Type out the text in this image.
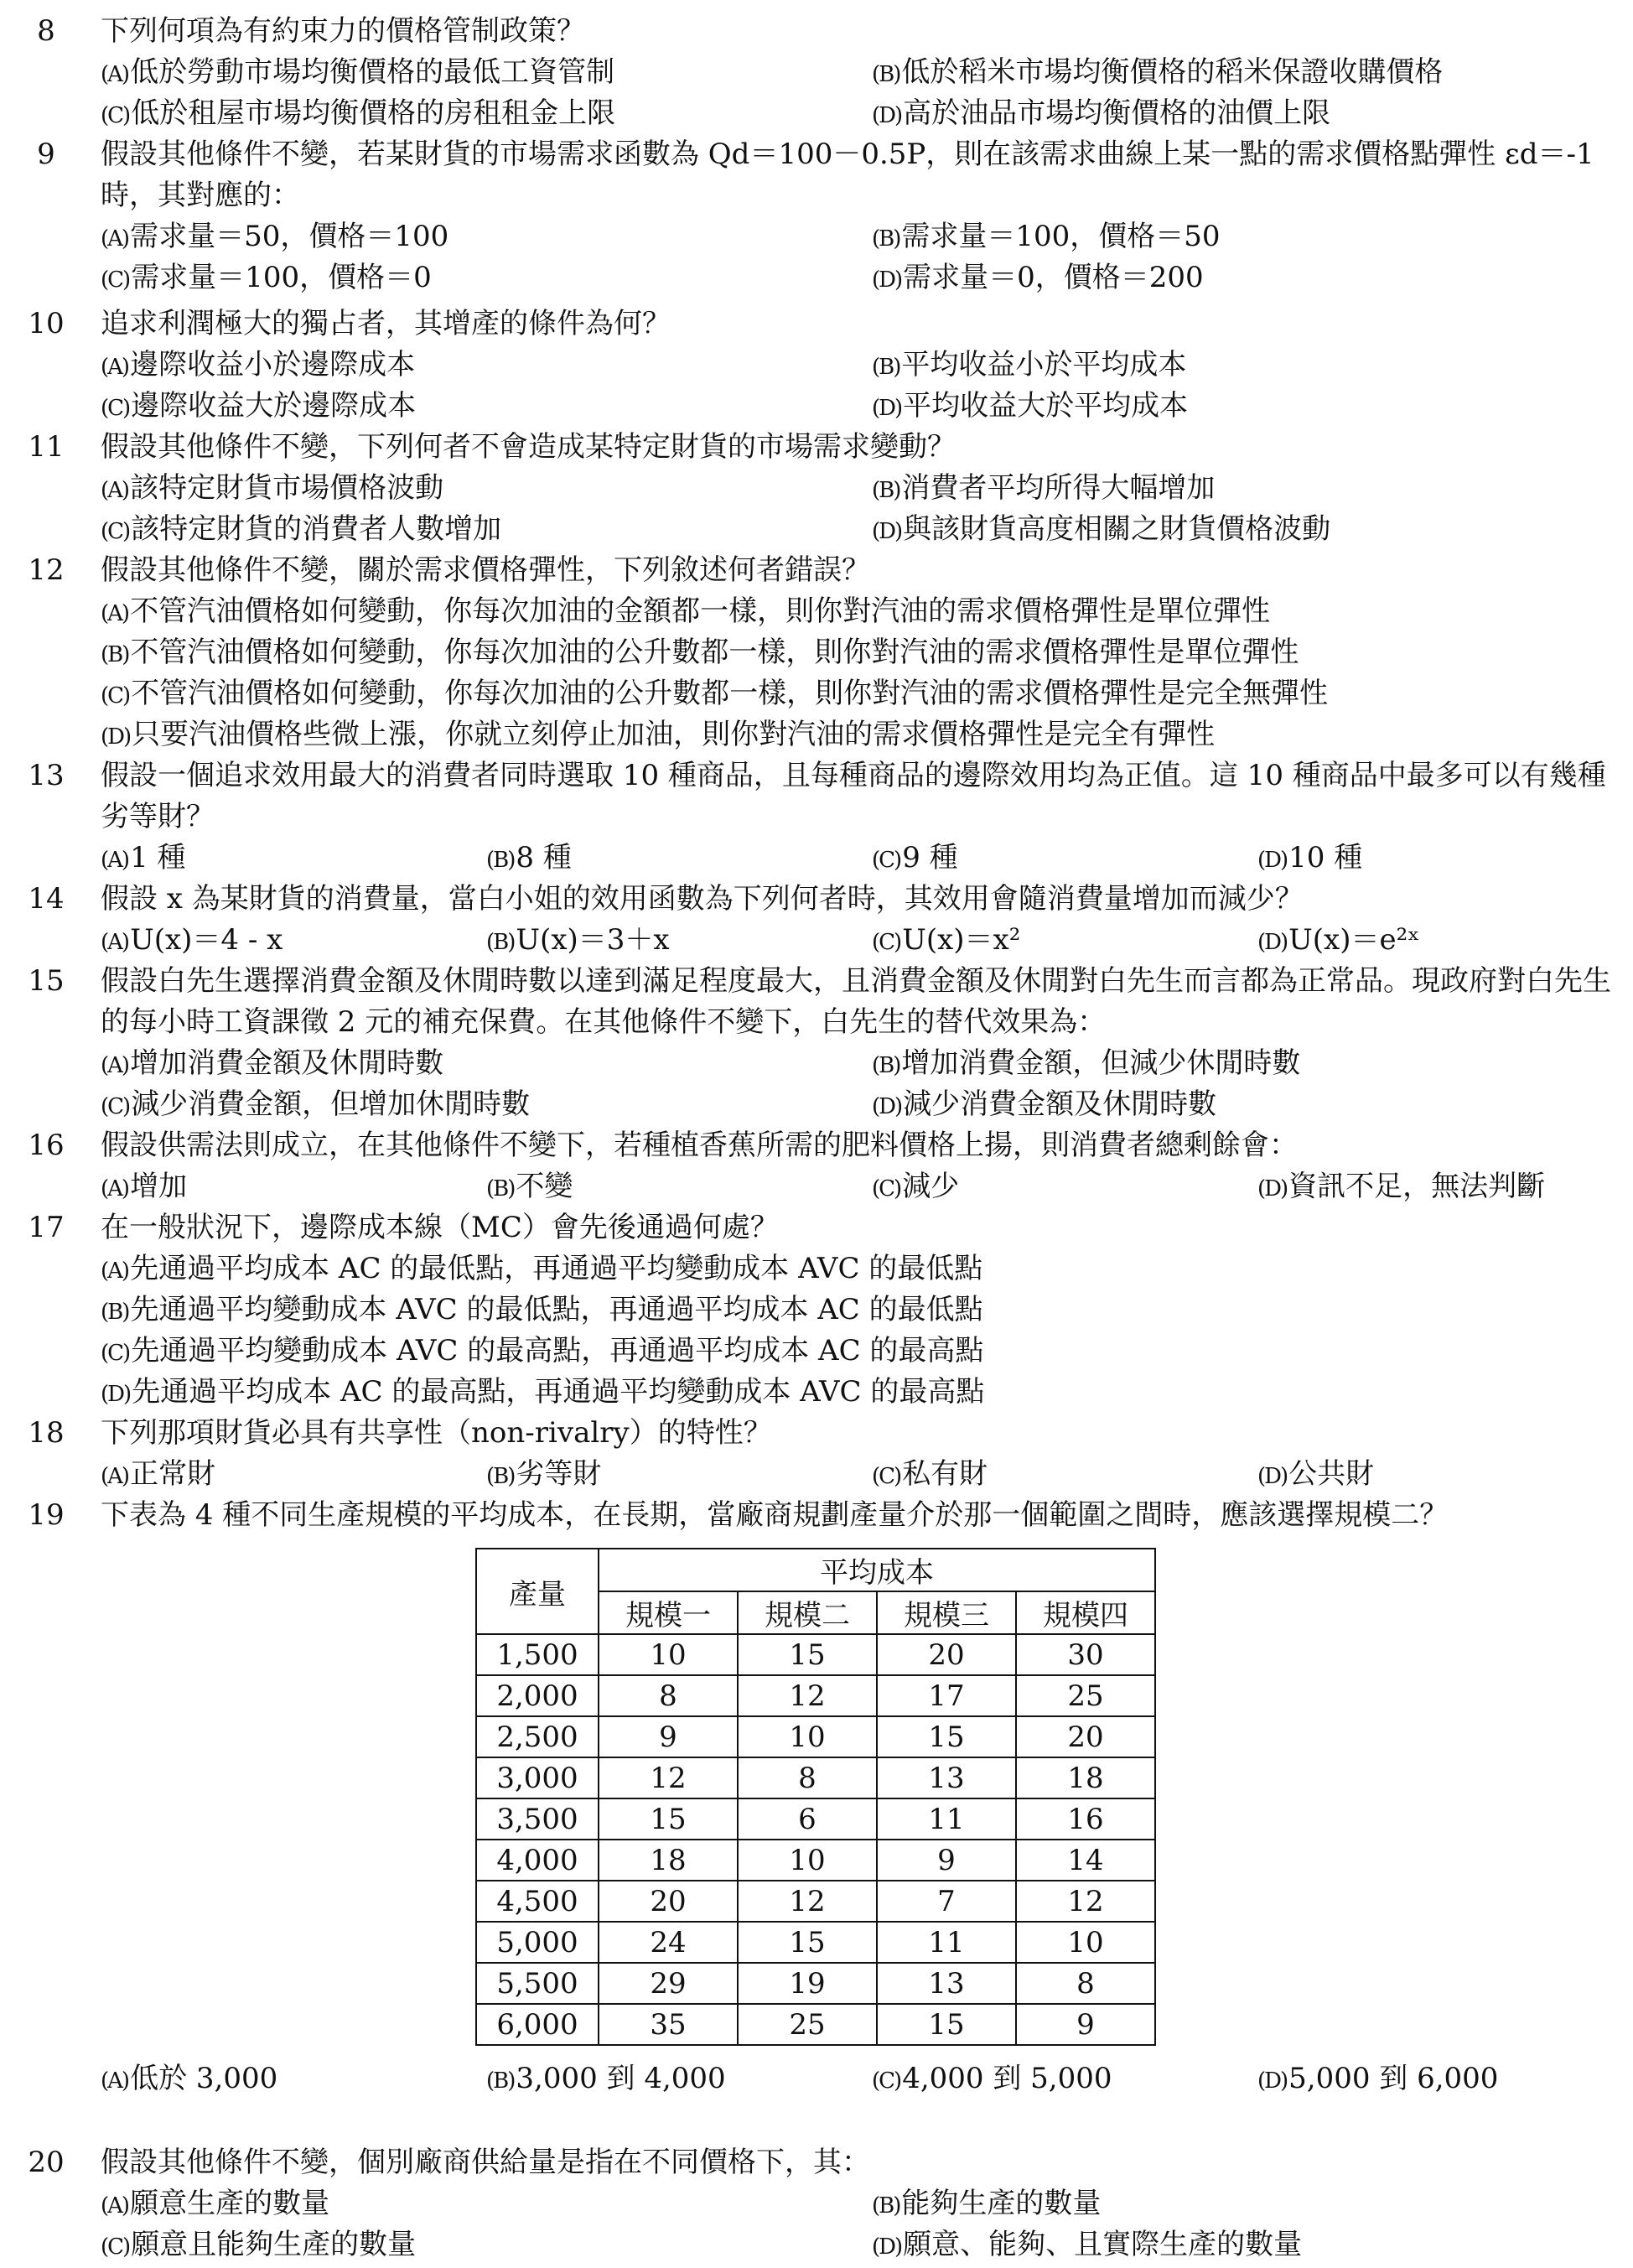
8	下列何項為有約束力的價格管制政策？
(A)低於勞動市場均衡價格的最低工資管制	(B)低於稻米市場均衡價格的稻米保證收購價格
(C)低於租屋市場均衡價格的房租租金上限	(D)高於油品市場均衡價格的油價上限
9	假設其他條件不變，若某財貨的市場需求函數為 Qd＝100－0.5P，則在該需求曲線上某一點的需求價格點彈性 εd＝-1 時，其對應的：
(A)需求量＝50，價格＝100	(B)需求量＝100，價格＝50
(C)需求量＝100，價格＝0	(D)需求量＝0，價格＝200
10	追求利潤極大的獨占者，其增產的條件為何？
(A)邊際收益小於邊際成本	(B)平均收益小於平均成本
(C)邊際收益大於邊際成本	(D)平均收益大於平均成本
11	假設其他條件不變，下列何者不會造成某特定財貨的市場需求變動？
(A)該特定財貨市場價格波動	(B)消費者平均所得大幅增加
(C)該特定財貨的消費者人數增加	(D)與該財貨高度相關之財貨價格波動
12	假設其他條件不變，關於需求價格彈性，下列敘述何者錯誤？
(A)不管汽油價格如何變動，你每次加油的金額都一樣，則你對汽油的需求價格彈性是單位彈性
(B)不管汽油價格如何變動，你每次加油的公升數都一樣，則你對汽油的需求價格彈性是單位彈性
(C)不管汽油價格如何變動，你每次加油的公升數都一樣，則你對汽油的需求價格彈性是完全無彈性
(D)只要汽油價格些微上漲，你就立刻停止加油，則你對汽油的需求價格彈性是完全有彈性
13	假設一個追求效用最大的消費者同時選取 10 種商品，且每種商品的邊際效用均為正值。這 10 種商品中最多可以有幾種劣等財？
(A)1 種	(B)8 種	(C)9 種	(D)10 種
14	假設 x 為某財貨的消費量，當白小姐的效用函數為下列何者時，其效用會隨消費量增加而減少？
(A)U(x)＝4 - x	(B)U(x)＝3＋x	(C)U(x)＝x²	(D)U(x)＝e²ˣ
15	假設白先生選擇消費金額及休閒時數以達到滿足程度最大，且消費金額及休閒對白先生而言都為正常品。現政府對白先生的每小時工資課徵 2 元的補充保費。在其他條件不變下，白先生的替代效果為：
(A)增加消費金額及休閒時數	(B)增加消費金額，但減少休閒時數
(C)減少消費金額，但增加休閒時數	(D)減少消費金額及休閒時數
16	假設供需法則成立，在其他條件不變下，若種植香蕉所需的肥料價格上揚，則消費者總剩餘會：
(A)增加	(B)不變	(C)減少	(D)資訊不足，無法判斷
17	在一般狀況下，邊際成本線（MC）會先後通過何處？
(A)先通過平均成本 AC 的最低點，再通過平均變動成本 AVC 的最低點
(B)先通過平均變動成本 AVC 的最低點，再通過平均成本 AC 的最低點
(C)先通過平均變動成本 AVC 的最高點，再通過平均成本 AC 的最高點
(D)先通過平均成本 AC 的最高點，再通過平均變動成本 AVC 的最高點
18	下列那項財貨必具有共享性（non-rivalry）的特性？
(A)正常財	(B)劣等財	(C)私有財	(D)公共財
19	下表為 4 種不同生產規模的平均成本，在長期，當廠商規劃產量介於那一個範圍之間時，應該選擇規模二？
(A)低於 3,000	(B)3,000 到 4,000	(C)4,000 到 5,000	(D)5,000 到 6,000
20	假設其他條件不變，個別廠商供給量是指在不同價格下，其：
(A)願意生產的數量	(B)能夠生產的數量
(C)願意且能夠生產的數量	(D)願意、能夠、且實際生產的數量
產量	平均成本			
	規模一	規模二	規模三	規模四
1,500	10	15	20	30
2,000	8	12	17	25
2,500	9	10	15	20
3,000	12	8	13	18
3,500	15	6	11	16
4,000	18	10	9	14
4,500	20	12	7	12
5,000	24	15	11	10
5,500	29	19	13	8
6,000	35	25	15	9
